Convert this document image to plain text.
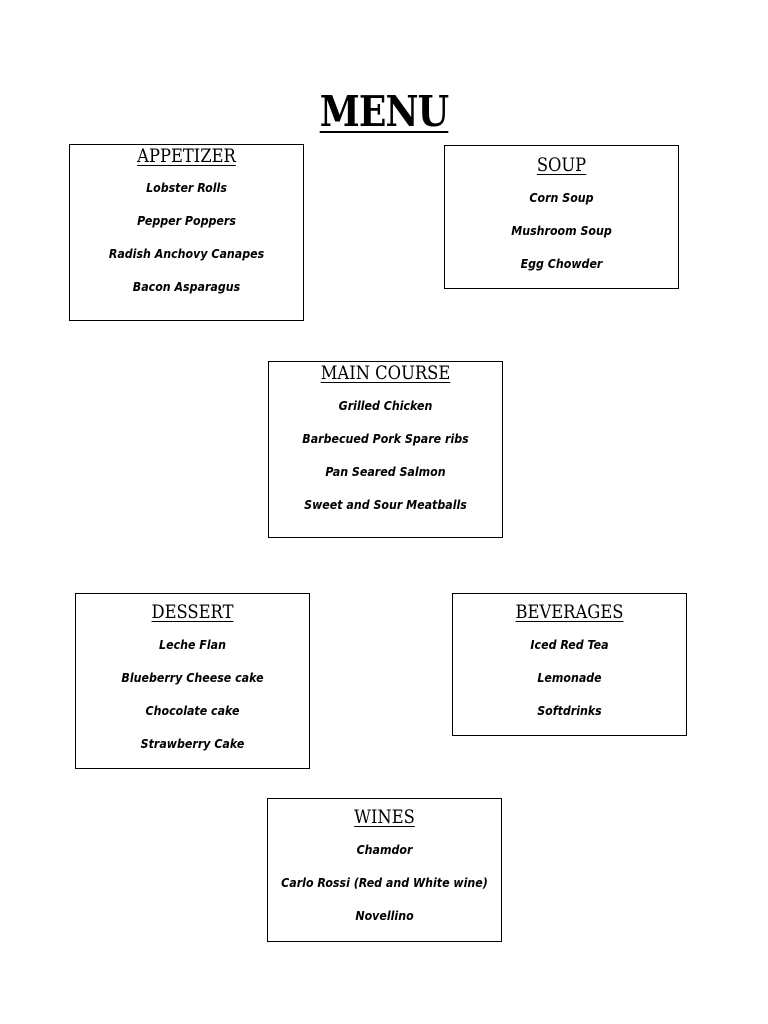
MENU
APPETIZER
Lobster Rolls
Pepper Poppers
Radish Anchovy Canapes
Bacon Asparagus
SOUP
Corn Soup
Mushroom Soup
Egg Chowder
MAIN COURSE
Grilled Chicken
Barbecued Pork Spare ribs
Pan Seared Salmon
Sweet and Sour Meatballs
DESSERT
Leche Flan
Blueberry Cheese cake
Chocolate cake
Strawberry Cake
BEVERAGES
Iced Red Tea
Lemonade
Softdrinks
WINES
Chamdor
Carlo Rossi (Red and White wine)
Novellino
